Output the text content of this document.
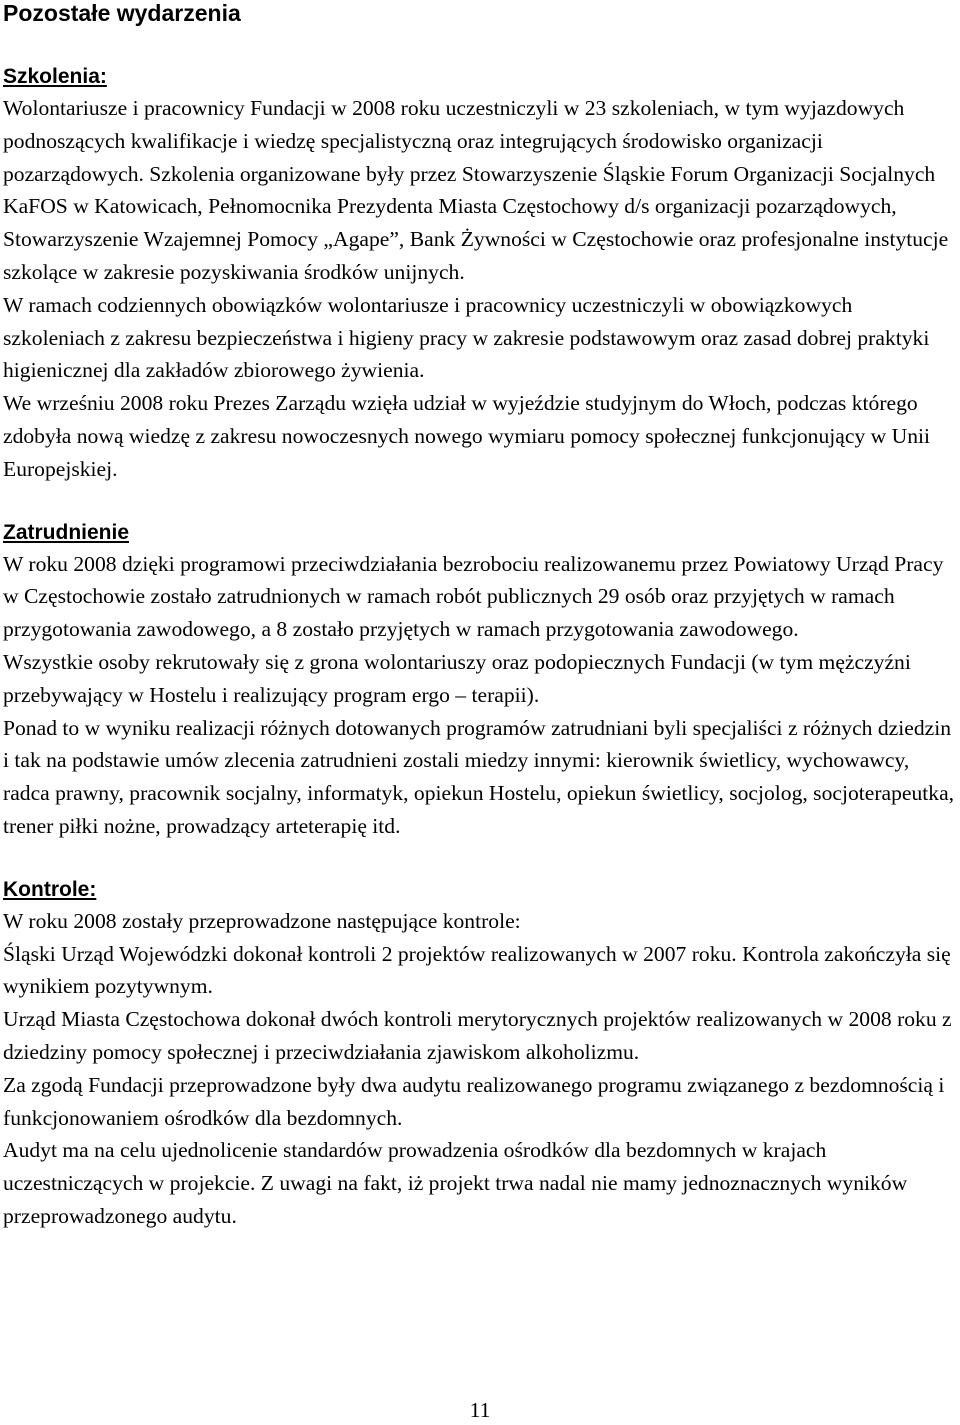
Pozostałe wydarzenia
Szkolenia:

Wolontariusze i pracownicy Fundacji w 2008 roku uczestniczyli w 23 szkoleniach, w tym wyjazdowych podnoszących kwalifikacje i wiedzę specjalistyczną oraz integrujących środowisko organizacji pozarządowych. Szkolenia organizowane były przez Stowarzyszenie Śląskie Forum Organizacji Socjalnych KaFOS w Katowicach, Pełnomocnika Prezydenta Miasta Częstochowy d/s organizacji pozarządowych, Stowarzyszenie Wzajemnej Pomocy „Agape”, Bank Żywności w Częstochowie oraz profesjonalne instytucje szkolące w zakresie pozyskiwania środków unijnych.

W ramach codziennych obowiązków wolontariusze i pracownicy uczestniczyli w obowiązkowych szkoleniach z zakresu bezpieczeństwa i higieny pracy w zakresie podstawowym oraz zasad dobrej praktyki higienicznej dla zakładów zbiorowego żywienia.

We wrześniu 2008 roku Prezes Zarządu wzięła udział w wyjeździe studyjnym do Włoch, podczas którego zdobyła nową wiedzę z zakresu nowoczesnych nowego wymiaru pomocy społecznej funkcjonujący w Unii Europejskiej.

Zatrudnienie

W roku 2008 dzięki programowi przeciwdziałania bezrobociu realizowanemu przez Powiatowy Urząd Pracy w Częstochowie zostało zatrudnionych w ramach robót publicznych 29 osób oraz przyjętych w ramach przygotowania zawodowego, a 8 zostało przyjętych w ramach przygotowania zawodowego.

Wszystkie osoby rekrutowały się z grona wolontariuszy oraz podopiecznych Fundacji (w tym mężczyźni przebywający w Hostelu i realizujący program ergo – terapii).

Ponad to w wyniku realizacji różnych dotowanych programów zatrudniani byli specjaliści z różnych dziedzin i tak na podstawie umów zlecenia zatrudnieni zostali miedzy innymi: kierownik świetlicy, wychowawcy, radca prawny, pracownik socjalny, informatyk, opiekun Hostelu, opiekun świetlicy, socjolog, socjoterapeutka, trener piłki nożne, prowadzący arteterapię itd.

Kontrole:

W roku 2008 zostały przeprowadzone następujące kontrole:

Śląski Urząd Wojewódzki dokonał kontroli 2 projektów realizowanych w 2007 roku. Kontrola zakończyła się wynikiem pozytywnym.

Urząd Miasta Częstochowa dokonał dwóch kontroli merytorycznych projektów realizowanych w 2008 roku z dziedziny pomocy społecznej i przeciwdziałania zjawiskom alkoholizmu.

Za zgodą Fundacji przeprowadzone były dwa audytu realizowanego programu związanego z bezdomnością i funkcjonowaniem ośrodków dla bezdomnych.

Audyt ma na celu ujednolicenie standardów prowadzenia ośrodków dla bezdomnych w krajach uczestniczących w projekcie. Z uwagi na fakt, iż projekt trwa nadal nie mamy jednoznacznych wyników przeprowadzonego audytu.

11
